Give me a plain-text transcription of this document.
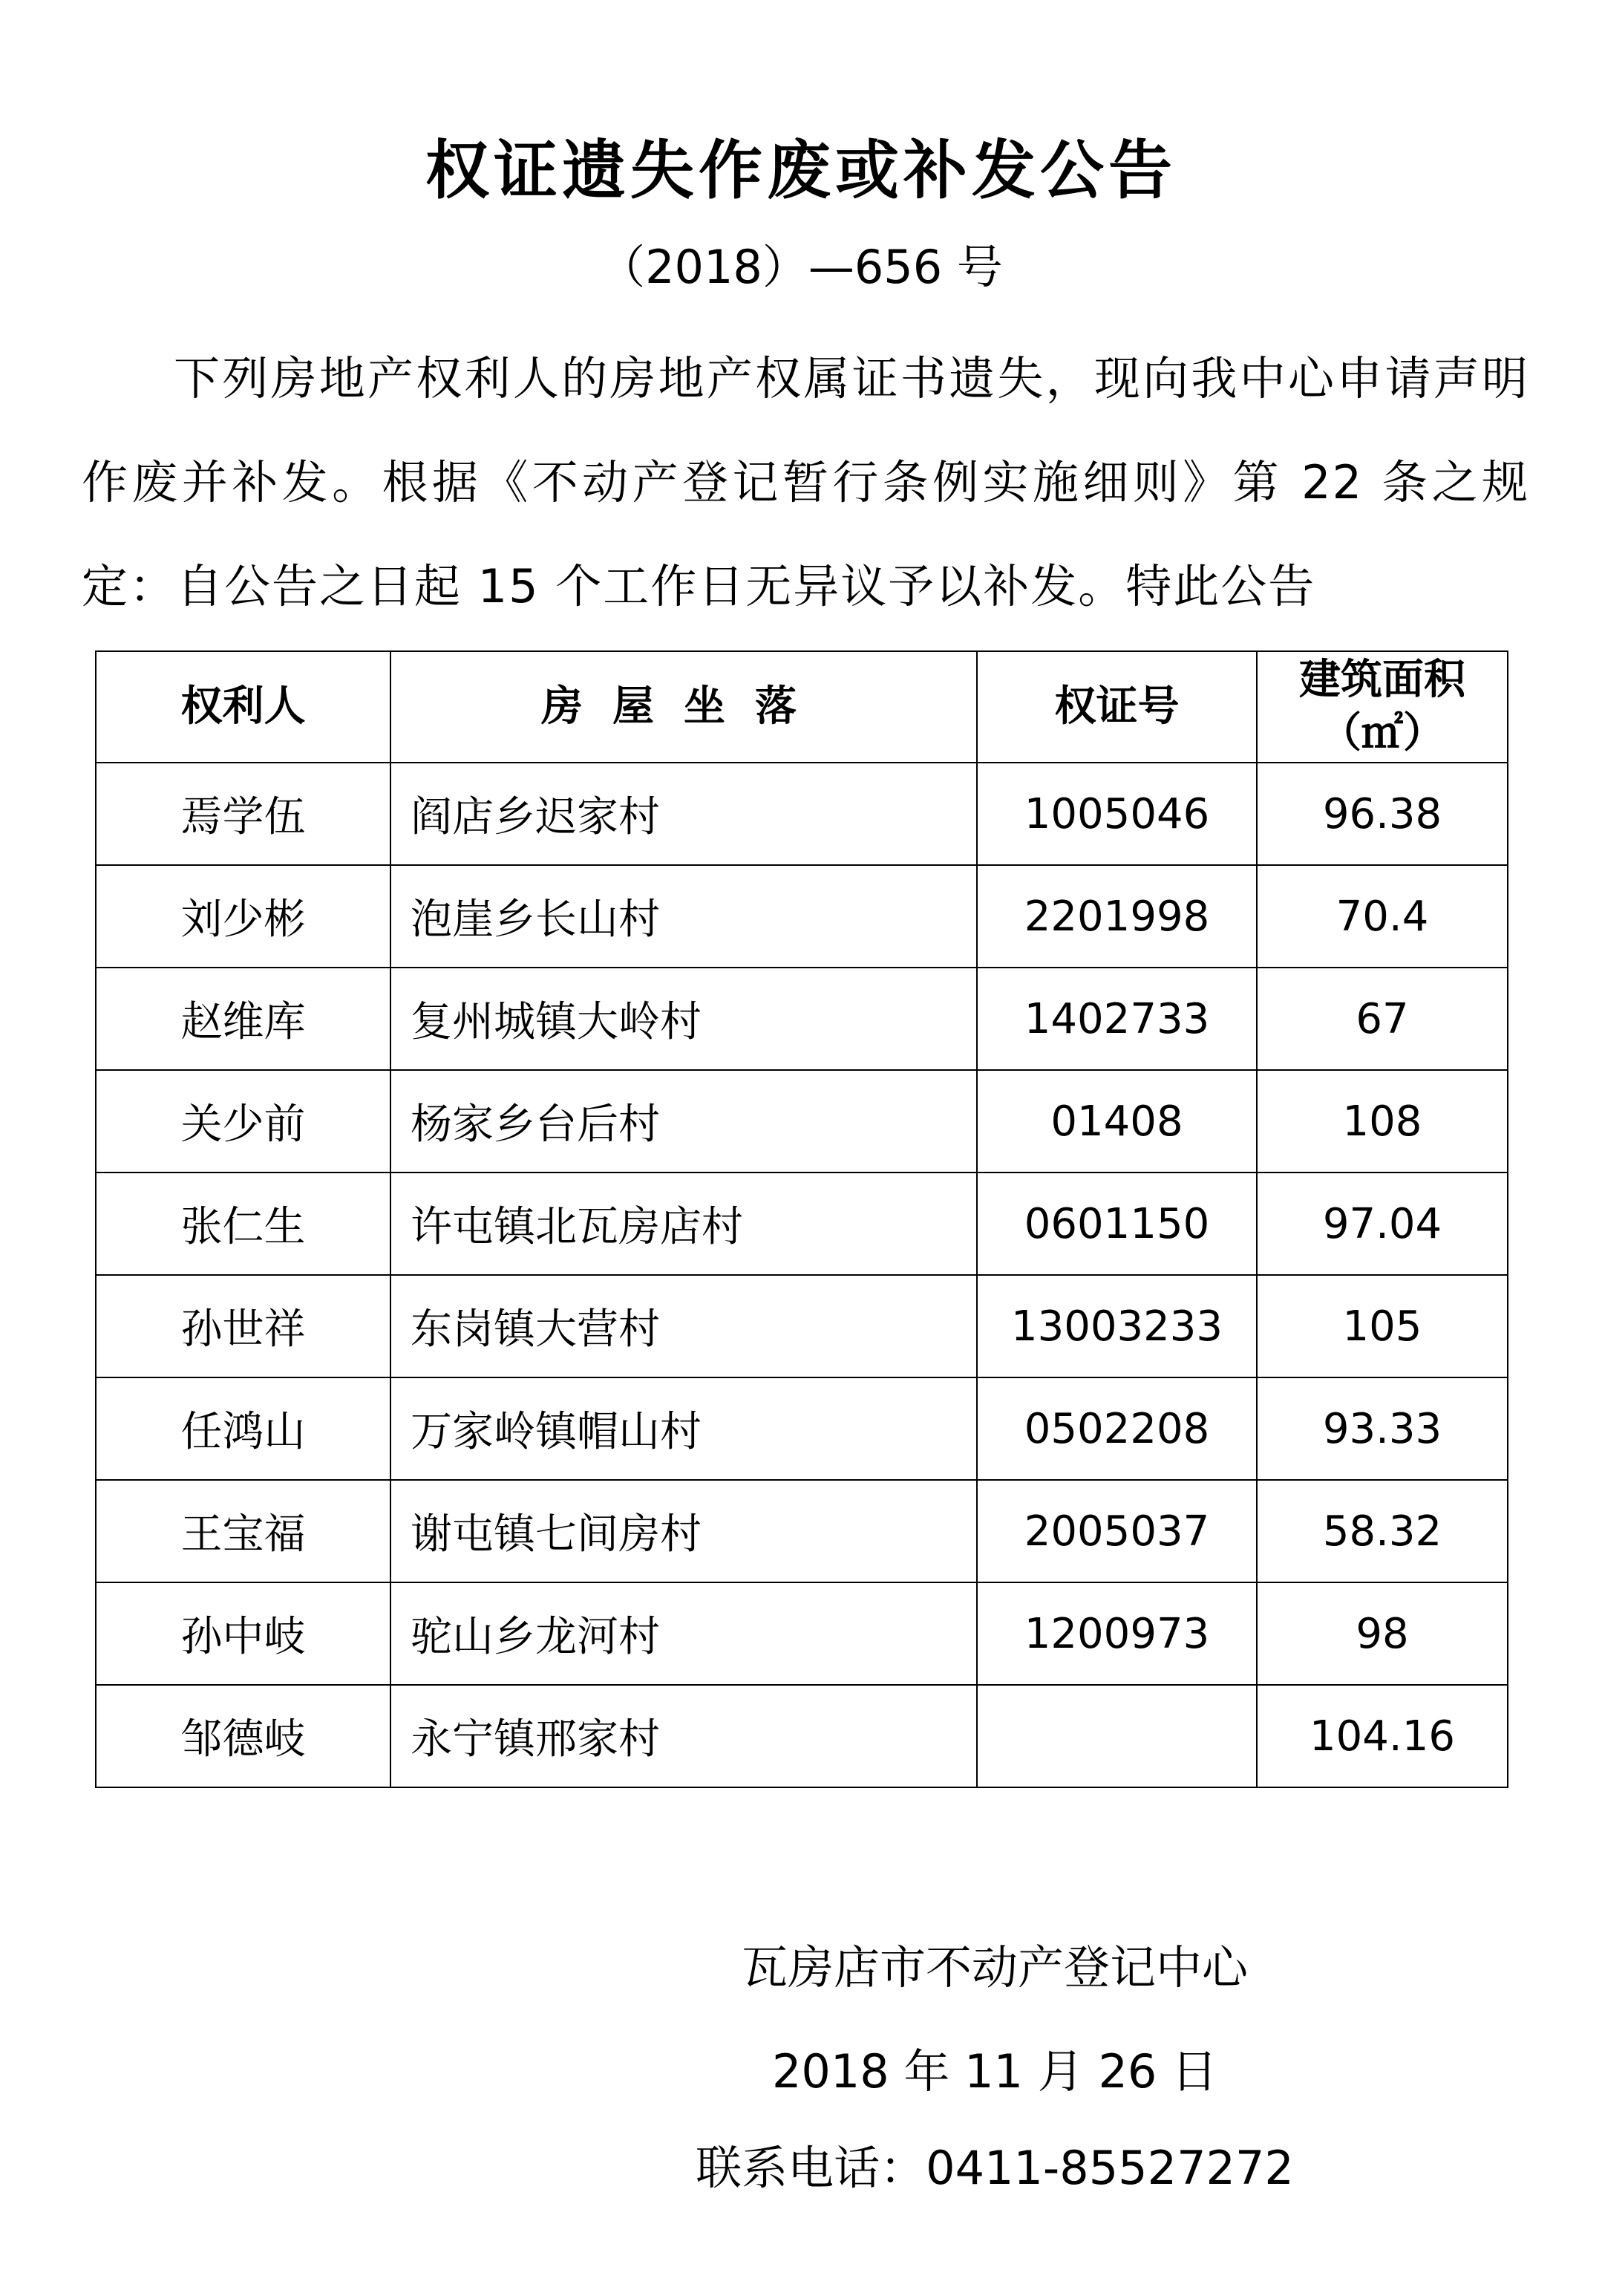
权证遗失作废或补发公告
（2018）—656 号

下列房地产权利人的房地产权属证书遗失，现向我中心申请声明作废并补发。根据《不动产登记暂行条例实施细则》第 22 条之规定：自公告之日起 15 个工作日无异议予以补发。特此公告

权利人	房屋坐落	权证号	建筑面积
（㎡）

焉学伍	阎店乡迟家村	1005046	96.38
刘少彬	泡崖乡长山村	2201998	70.4
赵维库	复州城镇大岭村	1402733	67
关少前	杨家乡台后村	01408	108
张仁生	许屯镇北瓦房店村	0601150	97.04
孙世祥	东岗镇大营村	13003233	105
任鸿山	万家岭镇帽山村	0502208	93.33
王宝福	谢屯镇七间房村	2005037	58.32
孙中岐	驼山乡龙河村	1200973	98
邹德岐	永宁镇邢家村		104.16
瓦房店市不动产登记中心
2018 年 11 月 26 日
联系电话：0411-85527272
